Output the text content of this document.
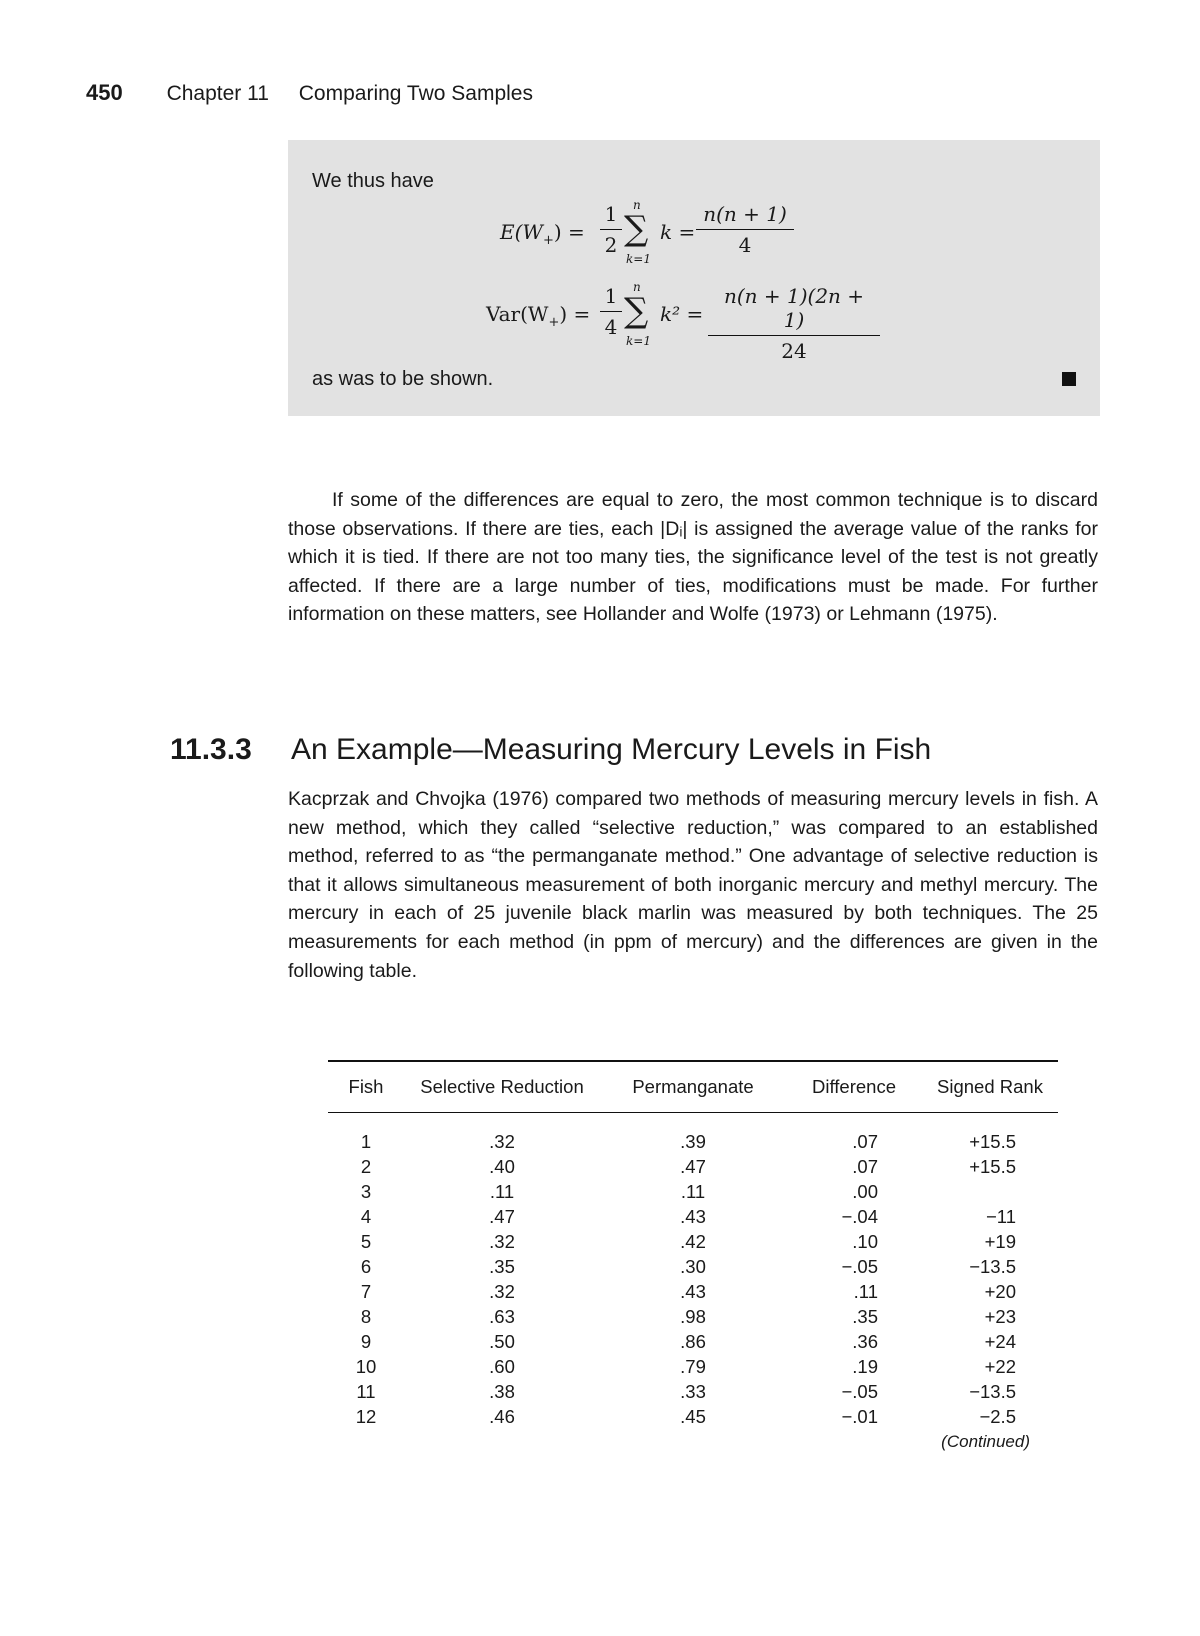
450 Chapter 11 Comparing Two Samples
We thus have
$E(W_+) = \frac{1}{2}$ n
∑
k=1
$k = \frac{n(n + 1)}{4}$
$Var(W_+) = \frac{1}{4}$ n
∑
k=1
$k^2 = \frac{n(n + 1)(2n + 1)}{24}$
as was to be shown.

If some of the differences are equal to zero, the most common technique is to discard those observations. If there are ties, each |Dᵢ| is assigned the average value of the ranks for which it is tied. If there are not too many ties, the significance level of the test is not greatly affected. If there are a large number of ties, modifications must be made. For further information on these matters, see Hollander and Wolfe (1973) or Lehmann (1975).

11.3.3 An Example—Measuring Mercury Levels in Fish

Kacprzak and Chvojka (1976) compared two methods of measuring mercury levels in fish. A new method, which they called “selective reduction,” was compared to an established method, referred to as “the permanganate method.” One advantage of selective reduction is that it allows simultaneous measurement of both inorganic mercury and methyl mercury. The mercury in each of 25 juvenile black marlin was measured by both techniques. The 25 measurements for each method (in ppm of mercury) and the differences are given in the following table.

Fish	Selective Reduction	Permanganate	Difference	Signed Rank
1	.32	.39	.07	+15.5
2	.40	.47	.07	+15.5
3	.11	.11	.00	
4	.47	.43	−.04	−11
5	.32	.42	.10	+19
6	.35	.30	−.05	−13.5
7	.32	.43	.11	+20
8	.63	.98	.35	+23
9	.50	.86	.36	+24
10	.60	.79	.19	+22
11	.38	.33	−.05	−13.5
12	.46	.45	−.01	−2.5
(Continued)
